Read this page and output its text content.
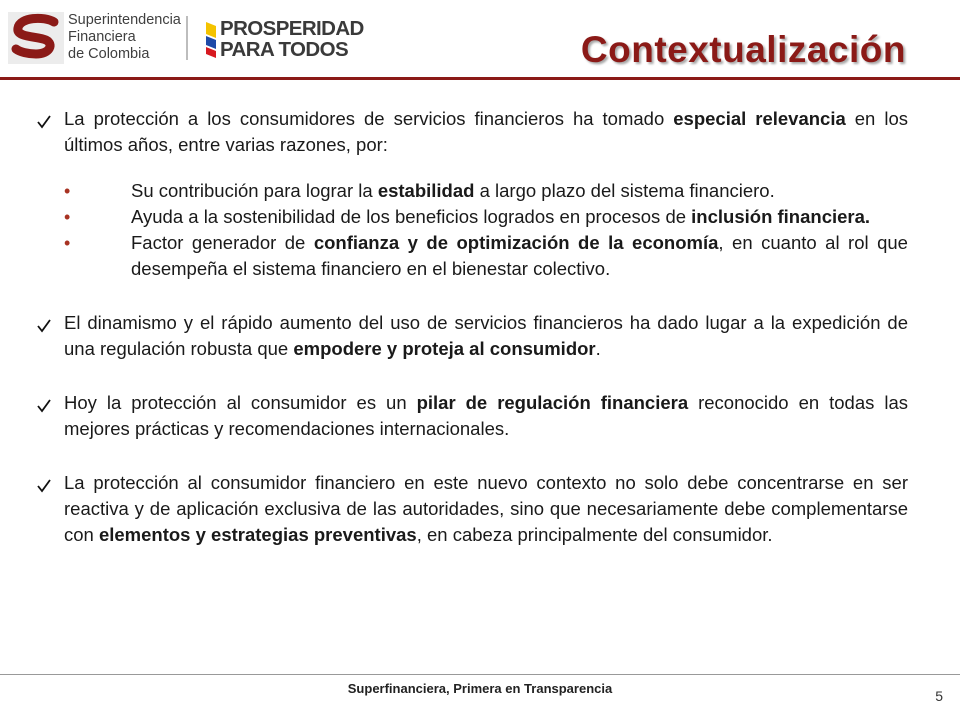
Superintendencia
Financiera
de Colombia
PROSPERIDAD
PARA TODOS	Contextualización
La protección a los consumidores de servicios financieros ha tomado especial relevancia en los últimos años, entre varias razones, por:
•	Su contribución para lograr la estabilidad a largo plazo del sistema financiero.
•	Ayuda a la sostenibilidad de los beneficios logrados en procesos de inclusión financiera.
•	Factor generador de confianza y de optimización de la economía, en cuanto al rol que desempeña el sistema financiero en el bienestar colectivo.
El dinamismo y el rápido aumento del uso de servicios financieros ha dado lugar a la expedición de una regulación robusta que empodere y proteja al consumidor.
Hoy la protección al consumidor es un pilar de regulación financiera reconocido en todas las mejores prácticas y recomendaciones internacionales.
La protección al consumidor financiero en este nuevo contexto no solo debe concentrarse en ser reactiva y de aplicación exclusiva de las autoridades, sino que necesariamente debe complementarse con elementos y estrategias preventivas, en cabeza principalmente del consumidor.
Superfinanciera, Primera en Transparencia	5
